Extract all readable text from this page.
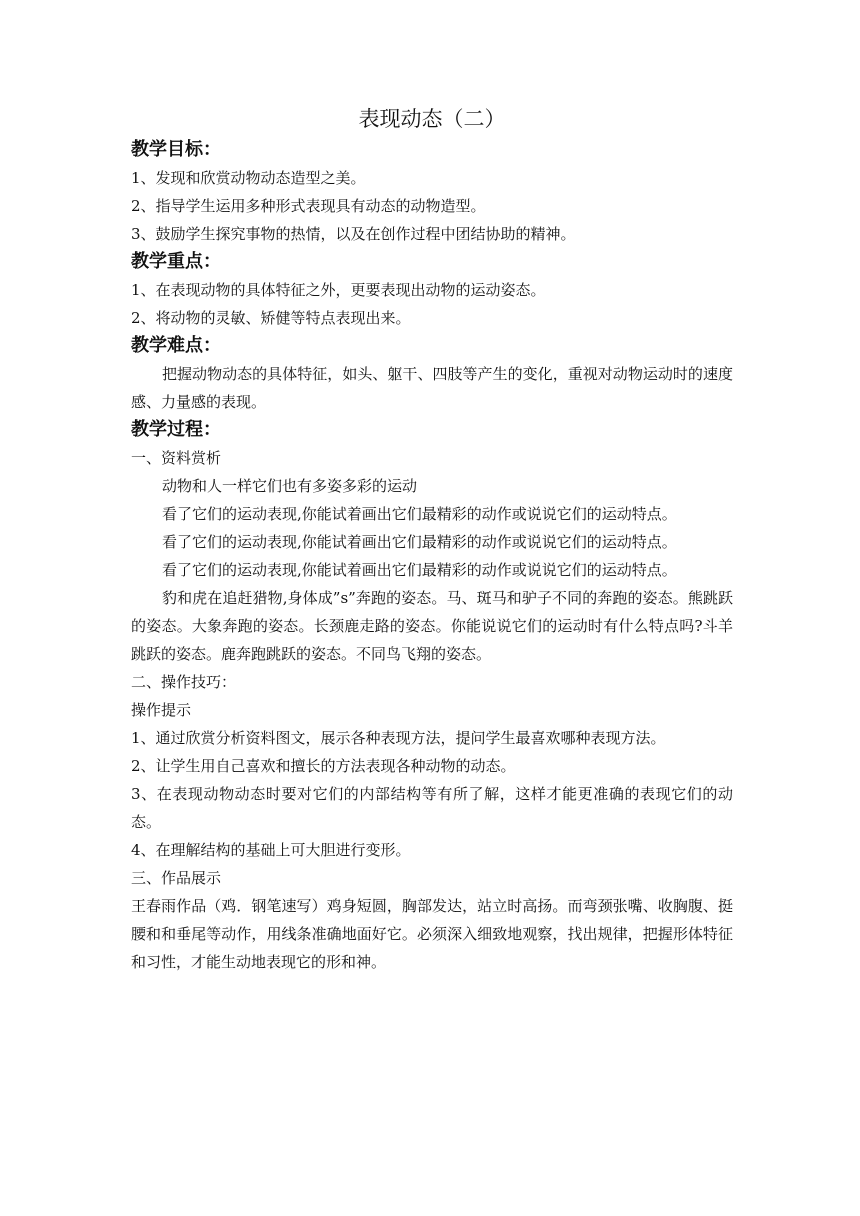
表现动态（二）
教学目标：

1、发现和欣赏动物动态造型之美。

2、指导学生运用多种形式表现具有动态的动物造型。

3、鼓励学生探究事物的热情，以及在创作过程中团结协助的精神。

教学重点：

1、在表现动物的具体特征之外，更要表现出动物的运动姿态。

2、将动物的灵敏、矫健等特点表现出来。

教学难点：

把握动物动态的具体特征，如头、躯干、四肢等产生的变化，重视对动物运动时的速度感、力量感的表现。

教学过程：

一、资料赏析

动物和人一样它们也有多姿多彩的运动

看了它们的运动表现,你能试着画出它们最精彩的动作或说说它们的运动特点。

看了它们的运动表现,你能试着画出它们最精彩的动作或说说它们的运动特点。

看了它们的运动表现,你能试着画出它们最精彩的动作或说说它们的运动特点。

豹和虎在追赶猎物,身体成”s”奔跑的姿态。马、斑马和驴子不同的奔跑的姿态。熊跳跃的姿态。大象奔跑的姿态。长颈鹿走路的姿态。你能说说它们的运动时有什么特点吗?斗羊跳跃的姿态。鹿奔跑跳跃的姿态。不同鸟飞翔的姿态。

二、操作技巧：

操作提示

1、通过欣赏分析资料图文，展示各种表现方法，提问学生最喜欢哪种表现方法。

2、让学生用自己喜欢和擅长的方法表现各种动物的动态。

3、在表现动物动态时要对它们的内部结构等有所了解，这样才能更准确的表现它们的动态。

4、在理解结构的基础上可大胆进行变形。

三、作品展示

王春雨作品（鸡．钢笔速写）鸡身短圆，胸部发达，站立时高扬。而弯颈张嘴、收胸腹、挺腰和和垂尾等动作，用线条准确地面好它。必须深入细致地观察，找出规律，把握形体特征和习性，才能生动地表现它的形和神。
